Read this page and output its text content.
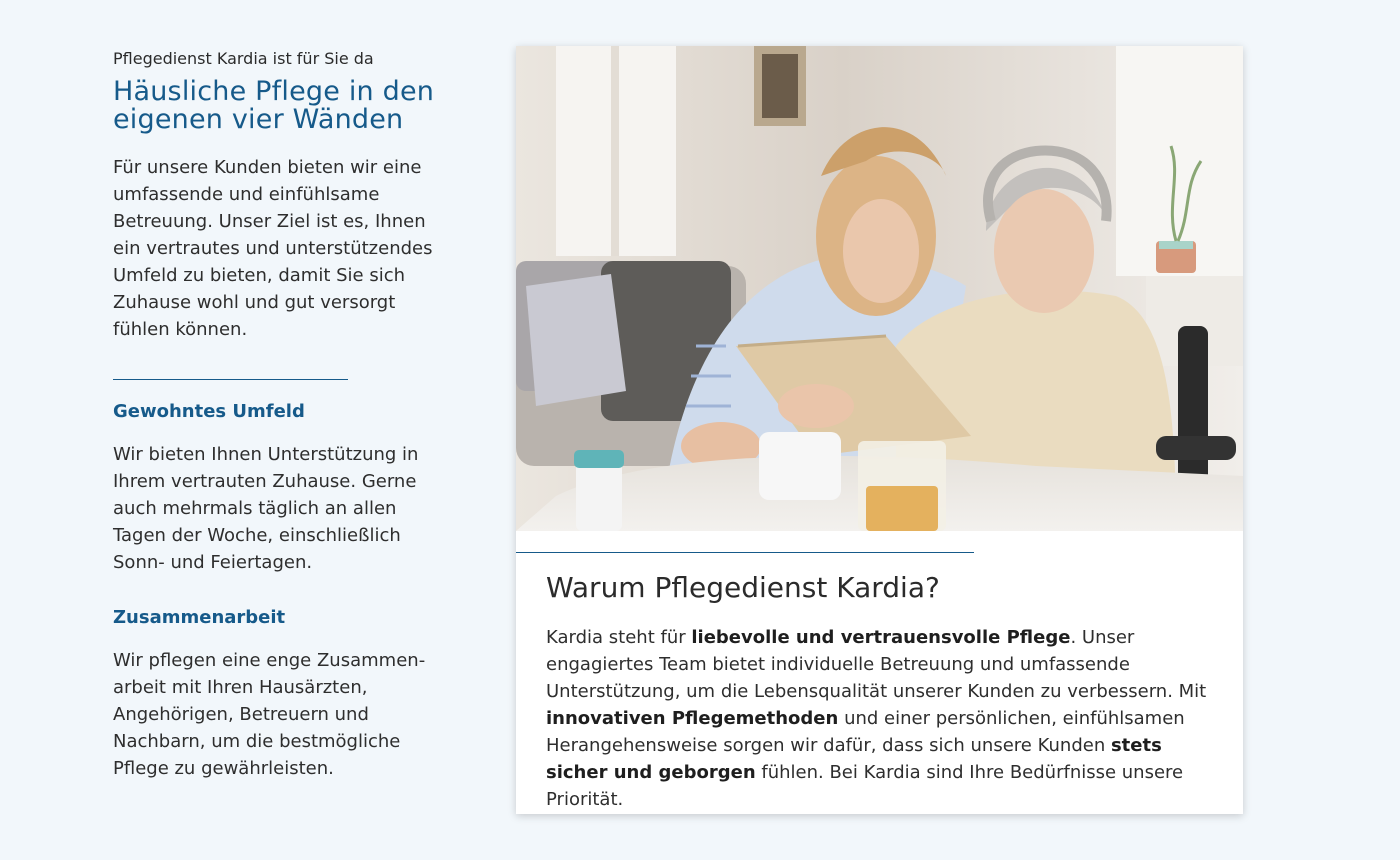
Pflegedienst Kardia ist für Sie da

Häusliche Pflege in den eigenen vier Wänden

Für unsere Kunden bieten wir eine umfassende und einfühlsame Betreuung. Unser Ziel ist es, Ihnen ein vertrautes und unterstützendes Umfeld zu bieten, damit Sie sich Zuhause wohl und gut versorgt fühlen können.

Gewohntes Umfeld

Wir bieten Ihnen Unterstützung in Ihrem vertrauten Zuhause. Gerne auch mehrmals täglich an allen Tagen der Woche, einschließlich Sonn- und Feiertagen.

Zusammenarbeit

Wir pflegen eine enge Zusammenarbeit mit Ihren Hausärzten, Angehörigen, Betreuern und Nachbarn, um die bestmögliche Pflege zu gewährleisten.

Warum Pflegedienst Kardia?

Kardia steht für liebevolle und vertrauensvolle Pflege. Unser engagiertes Team bietet individuelle Betreuung und umfassende Unterstützung, um die Lebensqualität unserer Kunden zu verbessern. Mit innovativen Pflegemethoden und einer persönlichen, einfühlsamen Herangehensweise sorgen wir dafür, dass sich unsere Kunden stets sicher und geborgen fühlen. Bei Kardia sind Ihre Bedürfnisse unsere Priorität.
